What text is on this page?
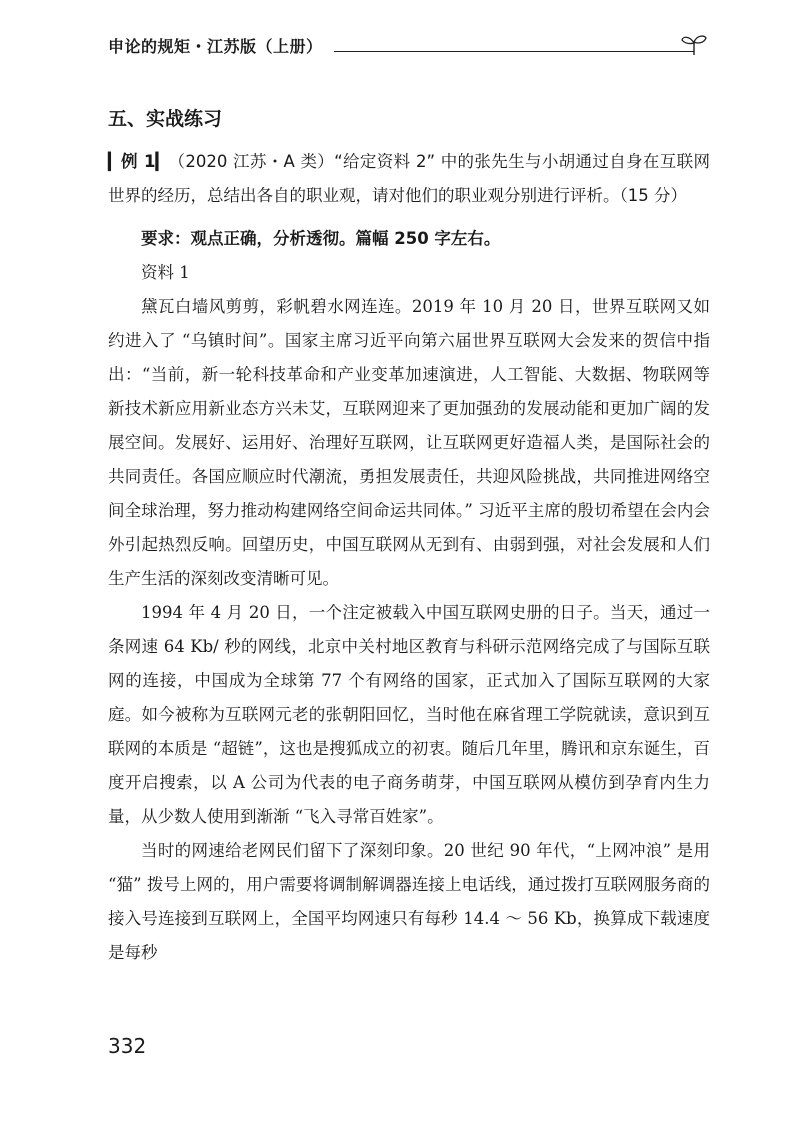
申论的规矩・江苏版（上册）
五、实战练习

▎例 1▎（2020 江苏・A 类）“给定资料 2” 中的张先生与小胡通过自身在互联网世界的经历，总结出各自的职业观，请对他们的职业观分别进行评析。（15 分）

要求：观点正确，分析透彻。篇幅 250 字左右。

资料 1

黛瓦白墙风剪剪，彩帆碧水网连连。2019 年 10 月 20 日，世界互联网又如约进入了 “乌镇时间”。国家主席习近平向第六届世界互联网大会发来的贺信中指出：“当前，新一轮科技革命和产业变革加速演进，人工智能、大数据、物联网等新技术新应用新业态方兴未艾，互联网迎来了更加强劲的发展动能和更加广阔的发展空间。发展好、运用好、治理好互联网，让互联网更好造福人类，是国际社会的共同责任。各国应顺应时代潮流，勇担发展责任，共迎风险挑战，共同推进网络空间全球治理，努力推动构建网络空间命运共同体。” 习近平主席的殷切希望在会内会外引起热烈反响。回望历史，中国互联网从无到有、由弱到强，对社会发展和人们生产生活的深刻改变清晰可见。

1994 年 4 月 20 日，一个注定被载入中国互联网史册的日子。当天，通过一条网速 64 Kb/ 秒的网线，北京中关村地区教育与科研示范网络完成了与国际互联网的连接，中国成为全球第 77 个有网络的国家，正式加入了国际互联网的大家庭。如今被称为互联网元老的张朝阳回忆，当时他在麻省理工学院就读，意识到互联网的本质是 “超链”，这也是搜狐成立的初衷。随后几年里，腾讯和京东诞生，百度开启搜索，以 A 公司为代表的电子商务萌芽，中国互联网从模仿到孕育内生力量，从少数人使用到渐渐 “飞入寻常百姓家”。

当时的网速给老网民们留下了深刻印象。20 世纪 90 年代，“上网冲浪” 是用 “猫” 拨号上网的，用户需要将调制解调器连接上电话线，通过拨打互联网服务商的接入号连接到互联网上，全国平均网速只有每秒 14.4 ～ 56 Kb，换算成下载速度是每秒

332
